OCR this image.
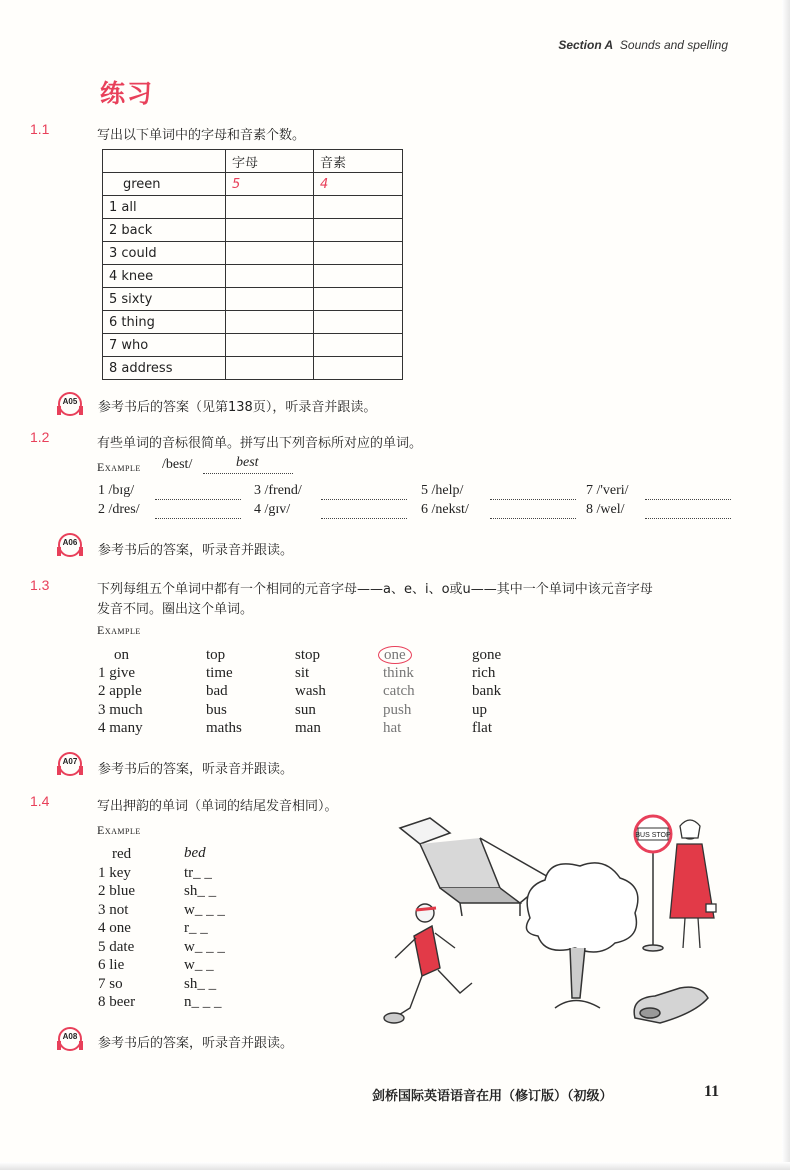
Section A Sounds and spelling
练习
1.1	写出以下单词中的字母和音素个数。
	字母	音素
green	5	4
1 all		
2 back		
3 could		
4 knee		
5 sixty		
6 thing		
7 who		
8 address		
A05	参考书后的答案（见第138页），听录音并跟读。
1.2	有些单词的音标很简单。拼写出下列音标所对应的单词。
Example /best/	best
1 /bɪg/	3 /frend/	5 /help/	7 /'veri/
2 /dres/	4 /gɪv/	6 /nekst/	8 /wel/
A06
参考书后的答案，听录音并跟读。
1.3	下列每组五个单词中都有一个相同的元音字母——a、e、i、o或u——其中一个单词中该元音字母
发音不同。圈出这个单词。
Example
on	top	stop	one	gone
1 give	time	sit	think	rich
2 apple	bad	wash	catch	bank
3 much	bus	sun	push	up
4 many	maths	man	hat	flat
A07
参考书后的答案，听录音并跟读。
1.4	写出押韵的单词（单词的结尾发音相同）。
Example
red	bed
1 key	tr_ _
2 blue	sh_ _
3 not	w_ _ _
4 one	r_ _
5 date	w_ _ _
6 lie	w_ _
7 so	sh_ _
8 beer	n_ _ _
BUS STOP
A08	参考书后的答案，听录音并跟读。
剑桥国际英语语音在用（修订版）（初级）	11
